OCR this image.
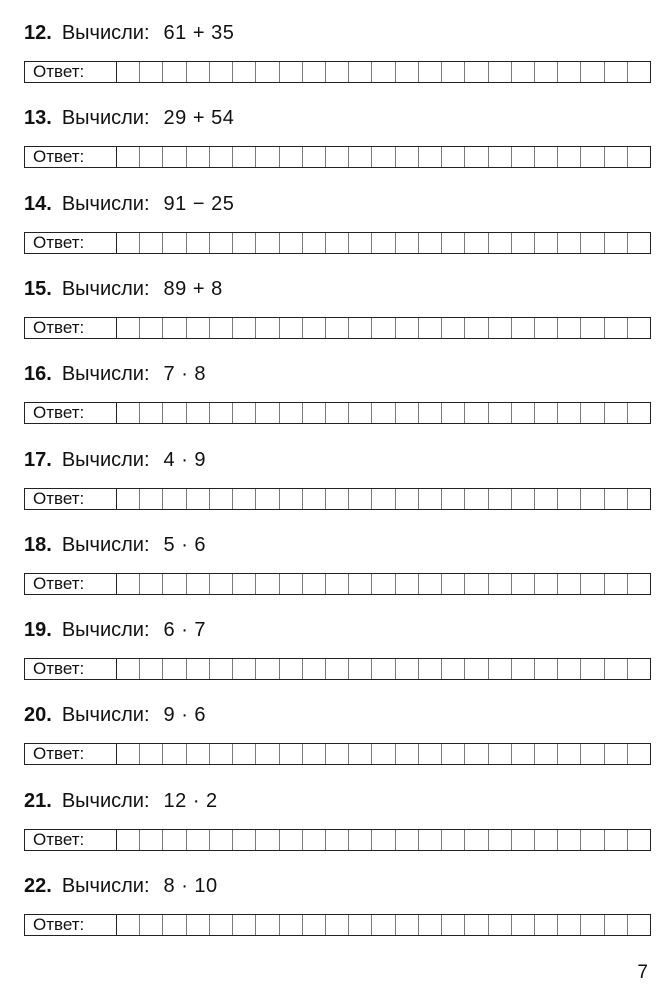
12 . Вычисли: 61 + 35
Ответ:
13 . Вычисли: 29 + 54
Ответ:
14 . Вычисли: 91 − 25
Ответ:
15 . Вычисли: 89 + 8
Ответ:
16 . Вычисли: 7 · 8
Ответ:
17 . Вычисли: 4 · 9
Ответ:
18 . Вычисли: 5 · 6
Ответ:
19 . Вычисли: 6 · 7
Ответ:
20 . Вычисли: 9 · 6
Ответ:
21 . Вычисли: 12 · 2
Ответ:
22 . Вычисли: 8 · 10
Ответ:
7
